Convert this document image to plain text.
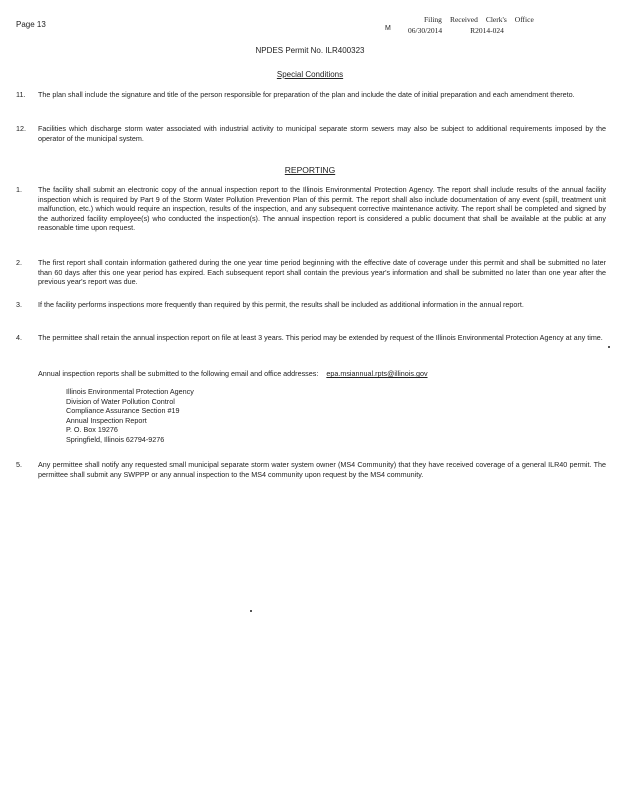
Page 13	M
Filing Received Clerk's Office
06/30/2014	R2014-024
NPDES Permit No. ILR400323
Special Conditions
11.	The plan shall include the signature and title of the person responsible for preparation of the plan and include the date of initial preparation and each amendment thereto.
12.	Facilities which discharge storm water associated with industrial activity to municipal separate storm sewers may also be subject to additional requirements imposed by the operator of the municipal system.
REPORTING
1.	The facility shall submit an electronic copy of the annual inspection report to the Illinois Environmental Protection Agency. The report shall include results of the annual facility inspection which is required by Part 9 of the Storm Water Pollution Prevention Plan of this permit. The report shall also include documentation of any event (spill, treatment unit malfunction, etc.) which would require an inspection, results of the inspection, and any subsequent corrective maintenance activity. The report shall be completed and signed by the authorized facility employee(s) who conducted the inspection(s). The annual inspection report is considered a public document that shall be available at the public at any reasonable time upon request.
2.	The first report shall contain information gathered during the one year time period beginning with the effective date of coverage under this permit and shall be submitted no later than 60 days after this one year period has expired. Each subsequent report shall contain the previous year's information and shall be submitted no later than one year after the previous year's report was due.
3.	If the facility performs inspections more frequently than required by this permit, the results shall be included as additional information in the annual report.
4.	The permittee shall retain the annual inspection report on file at least 3 years. This period may be extended by request of the Illinois Environmental Protection Agency at any time.
Annual inspection reports shall be submitted to the following email and office addresses: epa.msiannual.rpts@illinois.gov
Illinois Environmental Protection Agency
Division of Water Pollution Control
Compliance Assurance Section #19
Annual Inspection Report
P. O. Box 19276
Springfield, Illinois 62794-9276
5.	Any permittee shall notify any requested small municipal separate storm water system owner (MS4 Community) that they have received coverage of a general ILR40 permit. The permittee shall submit any SWPPP or any annual inspection to the MS4 community upon request by the MS4 community.
